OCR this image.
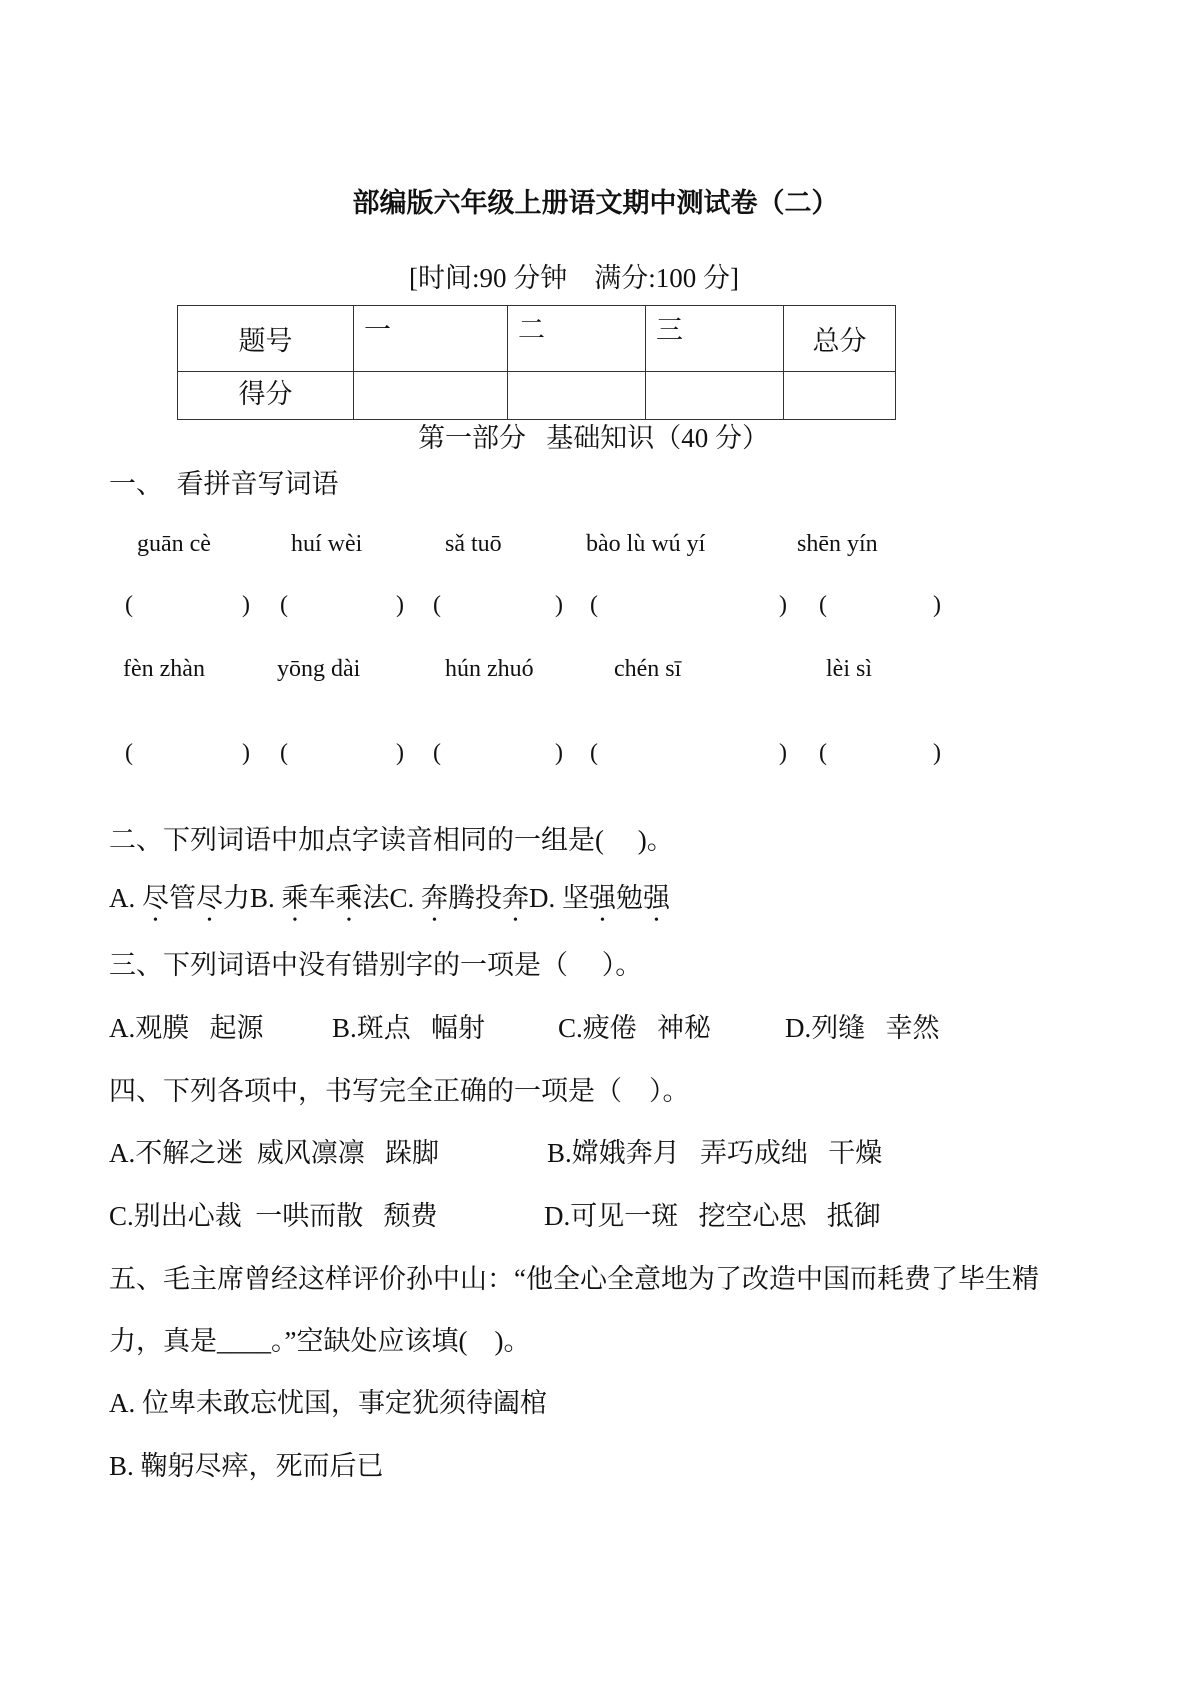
部编版六年级上册语文期中测试卷（二）
[时间:90 分钟    满分:100 分]
题号	一	二	三	总分
得分				
第一部分   基础知识（40 分）
一、  看拼音写词语
guān cè	huí wèi	sǎ tuō	bào lù wú yí	shēn yín
fèn zhàn	yōng dài	hún zhuó	chén sī	lèi sì
(	) (	) (	) (	) (	)
(	) (	) (	) (	) (	)
二、下列词语中加点字读音相同的一组是(     )。
A. 尽管尽力B. 乘车乘法C. 奔腾投奔D. 坚强勉强
三、下列词语中没有错别字的一项是（     ）。
A.观膜   起源	B.斑点   幅射	C.疲倦   神秘	D.列缝   幸然
四、下列各项中，书写完全正确的一项是（    ）。
A.不解之迷  威风凛凛   跺脚	B.嫦娥奔月   弄巧成绌   干燥
C.别出心裁  一哄而散   颓费	D.可见一斑   挖空心思   抵御
五、毛主席曾经这样评价孙中山：“他全心全意地为了改造中国而耗费了毕生精
力，真是____。”空缺处应该填(    )。
A. 位卑未敢忘忧国，事定犹须待阖棺
B. 鞠躬尽瘁，死而后已
